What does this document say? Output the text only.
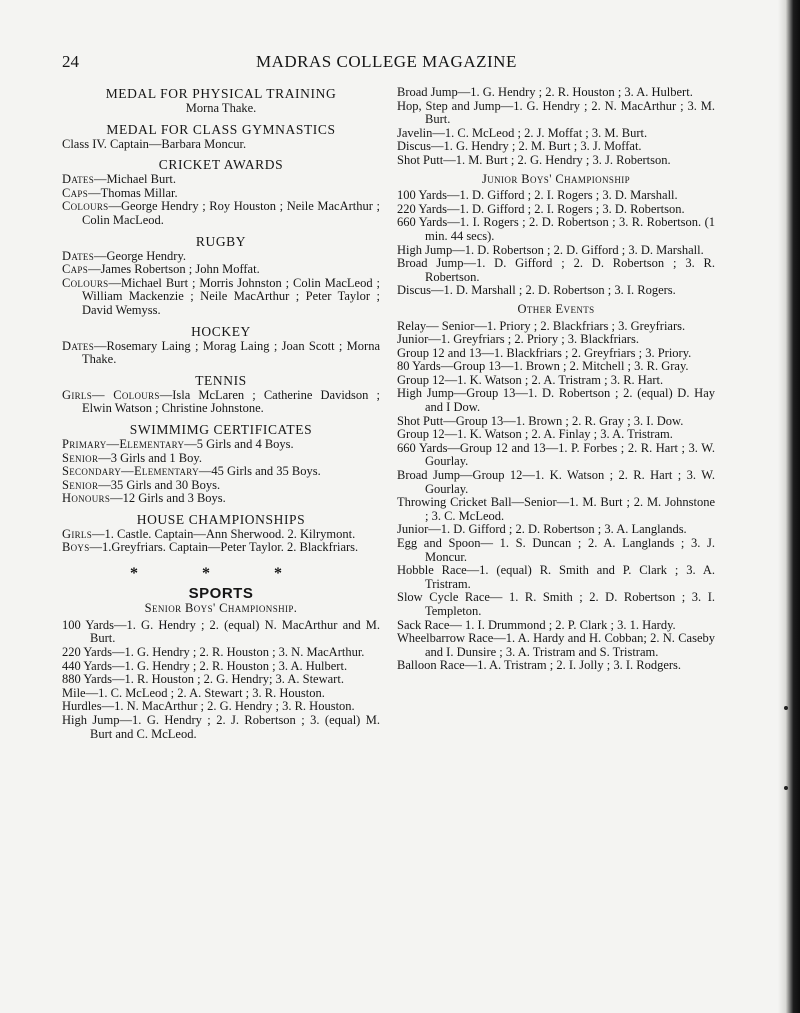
24	MADRAS COLLEGE MAGAZINE
MEDAL FOR PHYSICAL TRAINING
Morna Thake.
MEDAL FOR CLASS GYMNASTICS
Class IV. Captain—Barbara Moncur.
CRICKET AWARDS
Dates—Michael Burt.
Caps—Thomas Millar.
Colours—George Hendry ; Roy Houston ; Neile MacArthur ; Colin MacLeod.
RUGBY
Dates—George Hendry.
Caps—James Robertson ; John Moffat.
Colours—Michael Burt ; Morris Johnston ; Colin MacLeod ; William Mackenzie ; Neile MacArthur ; Peter Taylor ; David Wemyss.
HOCKEY
Dates—Rosemary Laing ; Morag Laing ; Joan Scott ; Morna Thake.
TENNIS
Girls— Colours—Isla McLaren ; Catherine Davidson ; Elwin Watson ; Christine Johnstone.
SWIMMIMG CERTIFICATES
Primary—Elementary—5 Girls and 4 Boys.
Senior—3 Girls and 1 Boy.
Secondary—Elementary—45 Girls and 35 Boys.
Senior—35 Girls and 30 Boys.
Honours—12 Girls and 3 Boys.
HOUSE CHAMPIONSHIPS
Girls—1. Castle. Captain—Ann Sherwood. 2. Kilrymont.
Boys—1.Greyfriars. Captain—Peter Taylor. 2. Blackfriars.
* * *
SPORTS
Senior Boys' Championship.
100 Yards—1. G. Hendry ; 2. (equal) N. MacArthur and M. Burt.
220 Yards—1. G. Hendry ; 2. R. Houston ; 3. N. MacArthur.
440 Yards—1. G. Hendry ; 2. R. Houston ; 3. A. Hulbert.
880 Yards—1. R. Houston ; 2. G. Hendry; 3. A. Stewart.
Mile—1. C. McLeod ; 2. A. Stewart ; 3. R. Houston.
Hurdles—1. N. MacArthur ; 2. G. Hendry ; 3. R. Houston.
High Jump—1. G. Hendry ; 2. J. Robertson ; 3. (equal) M. Burt and C. McLeod.
Broad Jump—1. G. Hendry ; 2. R. Houston ; 3. A. Hulbert.
Hop, Step and Jump—1. G. Hendry ; 2. N. MacArthur ; 3. M. Burt.
Javelin—1. C. McLeod ; 2. J. Moffat ; 3. M. Burt.
Discus—1. G. Hendry ; 2. M. Burt ; 3. J. Moffat.
Shot Putt—1. M. Burt ; 2. G. Hendry ; 3. J. Robertson.
Junior Boys' Championship
100 Yards—1. D. Gifford ; 2. I. Rogers ; 3. D. Marshall.
220 Yards—1. D. Gifford ; 2. I. Rogers ; 3. D. Robertson.
660 Yards—1. I. Rogers ; 2. D. Robertson ; 3. R. Robertson. (1 min. 44 secs).
High Jump—1. D. Robertson ; 2. D. Gifford ; 3. D. Marshall.
Broad Jump—1. D. Gifford ; 2. D. Robertson ; 3. R. Robertson.
Discus—1. D. Marshall ; 2. D. Robertson ; 3. I. Rogers.
Other Events
Relay— Senior—1. Priory ; 2. Blackfriars ; 3. Greyfriars.
Junior—1. Greyfriars ; 2. Priory ; 3. Blackfriars.
Group 12 and 13—1. Blackfriars ; 2. Greyfriars ; 3. Priory.
80 Yards—Group 13—1. Brown ; 2. Mitchell ; 3. R. Gray.
Group 12—1. K. Watson ; 2. A. Tristram ; 3. R. Hart.
High Jump—Group 13—1. D. Robertson ; 2. (equal) D. Hay and I Dow.
Shot Putt—Group 13—1. Brown ; 2. R. Gray ; 3. I. Dow.
Group 12—1. K. Watson ; 2. A. Finlay ; 3. A. Tristram.
660 Yards—Group 12 and 13—1. P. Forbes ; 2. R. Hart ; 3. W. Gourlay.
Broad Jump—Group 12—1. K. Watson ; 2. R. Hart ; 3. W. Gourlay.
Throwing Cricket Ball—Senior—1. M. Burt ; 2. M. Johnstone ; 3. C. McLeod.
Junior—1. D. Gifford ; 2. D. Robertson ; 3. A. Langlands.
Egg and Spoon— 1. S. Duncan ; 2. A. Langlands ; 3. J. Moncur.
Hobble Race—1. (equal) R. Smith and P. Clark ; 3. A. Tristram.
Slow Cycle Race— 1. R. Smith ; 2. D. Robertson ; 3. I. Templeton.
Sack Race— 1. I. Drummond ; 2. P. Clark ; 3. 1. Hardy.
Wheelbarrow Race—1. A. Hardy and H. Cobban; 2. N. Caseby and I. Dunsire ; 3. A. Tristram and S. Tristram.
Balloon Race—1. A. Tristram ; 2. I. Jolly ; 3. I. Rodgers.
